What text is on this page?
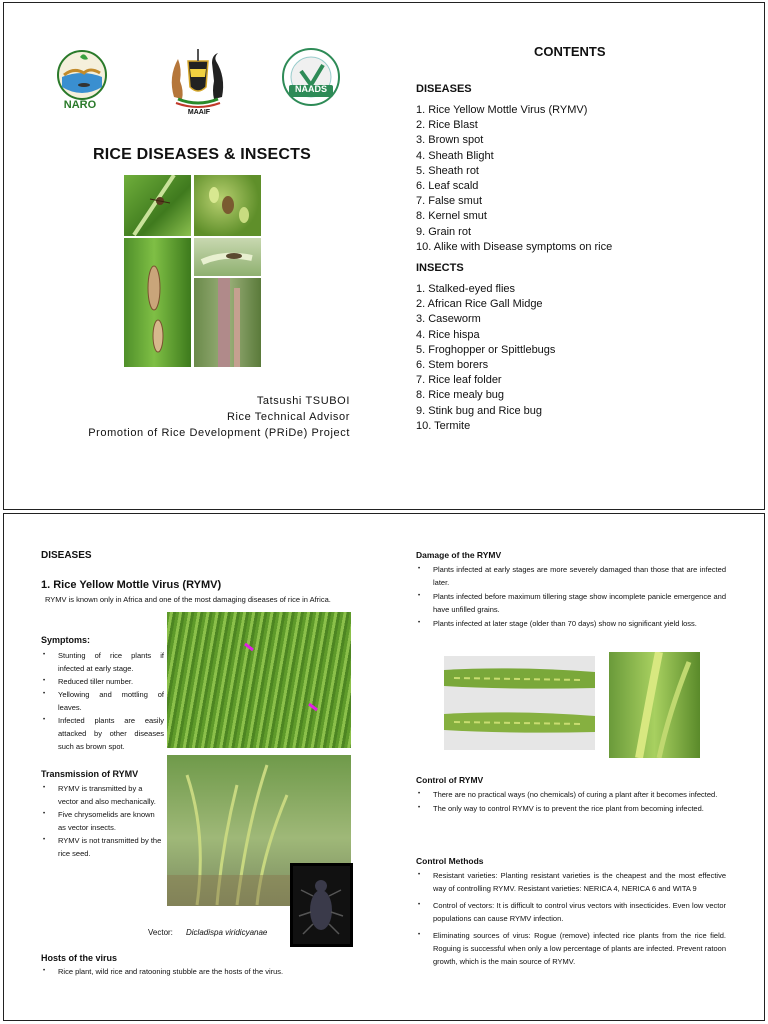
NARO
MAAIF
NAADS
RICE DISEASES & INSECTS
Tatsushi TSUBOI
Rice Technical Advisor
Promotion of Rice Development (PRiDe) Project
CONTENTS
DISEASES
1. Rice Yellow Mottle Virus (RYMV)
2. Rice Blast
3. Brown spot
4. Sheath Blight
5. Sheath rot
6. Leaf scald
7. False smut
8. Kernel smut
9. Grain rot
10. Alike with Disease symptoms on rice
INSECTS
1. Stalked-eyed flies
2. African Rice Gall Midge
3. Caseworm
4. Rice hispa
5. Froghopper or Spittlebugs
6. Stem borers
7. Rice leaf folder
8. Rice mealy bug
9. Stink bug and Rice bug
10. Termite
DISEASES
1. Rice Yellow Mottle Virus (RYMV)
RYMV is known only in Africa and one of the most damaging diseases of rice in Africa.
Symptoms:
• Stunting of rice plants if infected at early stage.
• Reduced tiller number.
• Yellowing and mottling of leaves.
• Infected plants are easily attacked by other diseases such as brown spot.
Transmission of RYMV
• RYMV is transmitted by a vector and also mechanically.
• Five chrysomelids are known as vector insects.
• RYMV is not transmitted by the rice seed.
Vector: Dicladispa viridicyanae
Hosts of the virus
• Rice plant, wild rice and ratooning stubble are the hosts of the virus.
Damage of the RYMV
• Plants infected at early stages are more severely damaged than those that are infected later.
• Plants infected before maximum tillering stage show incomplete panicle emergence and have unfilled grains.
• Plants infected at later stage (older than 70 days) show no significant yield loss.
Control of RYMV
• There are no practical ways (no chemicals) of curing a plant after it becomes infected.
• The only way to control RYMV is to prevent the rice plant from becoming infected.
Control Methods
• Resistant varieties: Planting resistant varieties is the cheapest and the most effective way of controlling RYMV. Resistant varieties: NERICA 4, NERICA 6 and WITA 9
• Control of vectors: It is difficult to control virus vectors with insecticides. Even low vector populations can cause RYMV infection.
• Eliminating sources of virus: Rogue (remove) infected rice plants from the rice field. Roguing is successful when only a low percentage of plants are infected. Prevent ratoon growth, which is the main source of RYMV.
